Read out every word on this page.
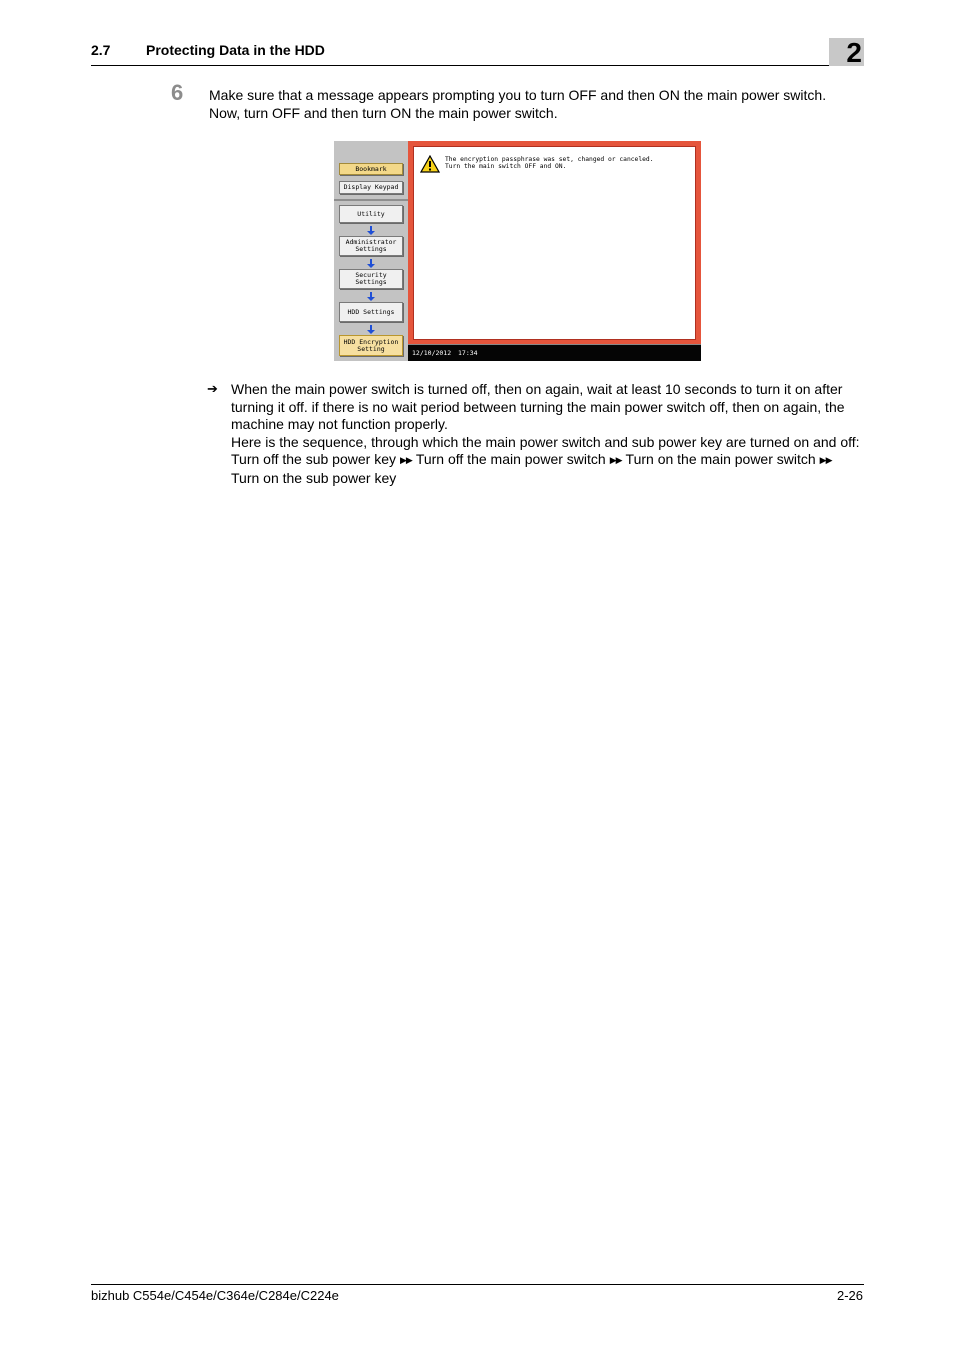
2.7	Protecting Data in the HDD	2
6 Make sure that a message appears prompting you to turn OFF and then ON the main power switch.
Now, turn OFF and then turn ON the main power switch.
Bookmark
Display Keypad
Utility
Administrator
Settings
Security
Settings
HDD Settings
HDD Encryption
Setting
The encryption passphrase was set, changed or canceled.
Turn the main switch OFF and ON.
12/10/2012 17:34
➔ When the main power switch is turned off, then on again, wait at least 10 seconds to turn it on after turning it off. if there is no wait period between turning the main power switch off, then on again, the machine may not function properly.

Here is the sequence, through which the main power switch and sub power key are turned on and off:

Turn off the sub power key ▶▶ Turn off the main power switch ▶▶ Turn on the main power switch ▶▶
Turn on the sub power key

bizhub C554e/C454e/C364e/C284e/C224e	2-26
